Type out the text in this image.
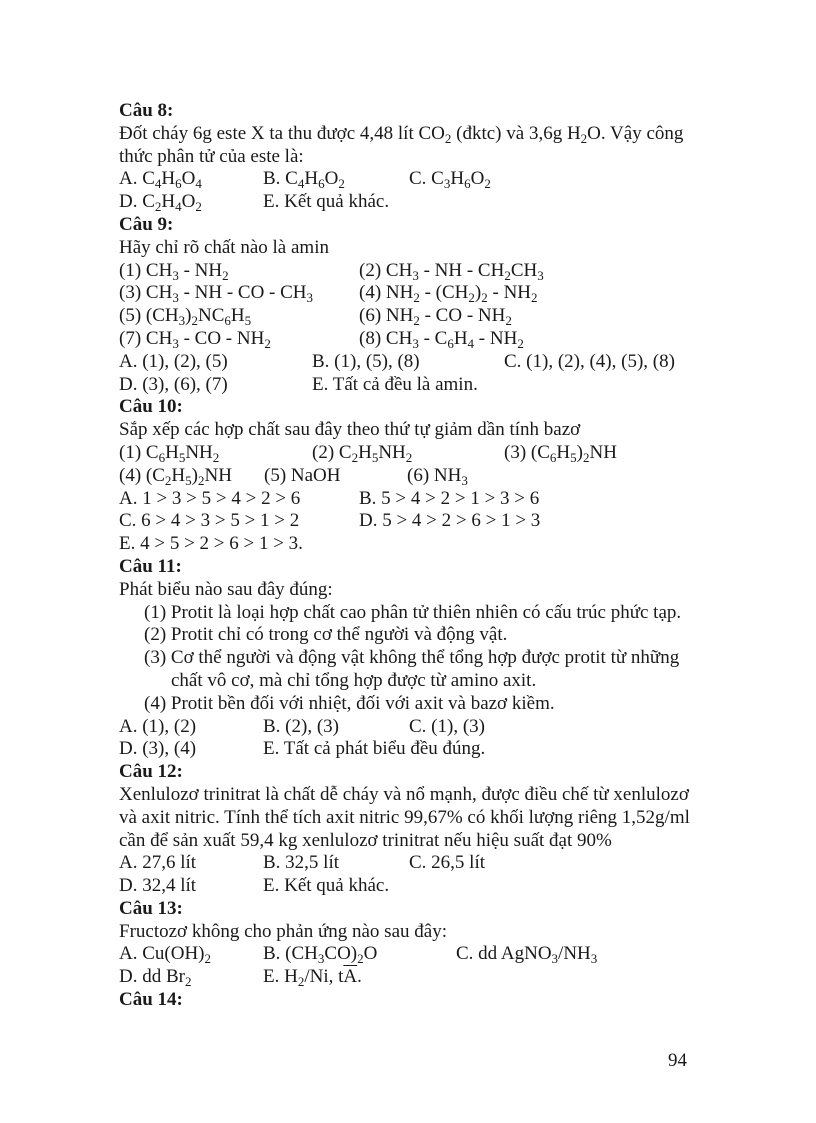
Câu 8:
Đốt cháy 6g este X ta thu được 4,48 lít $CO_2$ (đktc) và 3,6g $H_2O$. Vậy công
thức phân tử của este là:
A. $C_4H_6O_4$	B. $C_4H_6O_2$	C. $C_3H_6O_2$
D. $C_2H_4O_2$	E. Kết quả khác.
Câu 9:
Hãy chỉ rõ chất nào là amin
(1) $CH_3 - NH_2$	(2) $CH_3$ - NH - $CH_2CH_3$
(3) $CH_3$ - NH - CO - $CH_3$ (4) $NH_2 - (CH_2)_2 - NH_2$
(5) $(CH_3)_2NC_6H_5$	(6) $NH_2$ - CO - $NH_2$
(7) $CH_3$ - CO - $NH_2$	(8) $CH_3 - C_6H_4 - NH_2$
A. (1), (2), (5)	B. (1), (5), (8)	C. (1), (2), (4), (5), (8)
D. (3), (6), (7)	E. Tất cả đều là amin.
Câu 10:
Sắp xếp các hợp chất sau đây theo thứ tự giảm dần tính bazơ
(1) $C_6H_5NH_2$	(2) $C_2H_5NH_2$	(3) $(C_6H_5)_2NH$
(4) $(C_2H_5)_2NH$ (5) NaOH	(6) $NH_3$
A. 1 > 3 > 5 > 4 > 2 > 6	B. 5 > 4 > 2 > 1 > 3 > 6
C. 6 > 4 > 3 > 5 > 1 > 2	D. 5 > 4 > 2 > 6 > 1 > 3
E. 4 > 5 > 2 > 6 > 1 > 3.
Câu 11:
Phát biểu nào sau đây đúng:
(1) Protit là loại hợp chất cao phân tử thiên nhiên có cấu trúc phức tạp.
(2) Protit chỉ có trong cơ thể người và động vật.
(3) Cơ thể người và động vật không thể tổng hợp được protit từ những
chất vô cơ, mà chỉ tổng hợp được từ amino axit.
(4) Protit bền đối với nhiệt, đối với axit và bazơ kiềm.
A. (1), (2)	B. (2), (3)	C. (1), (3)
D. (3), (4)	E. Tất cả phát biểu đều đúng.
Câu 12:
Xenlulozơ trinitrat là chất dễ cháy và nổ mạnh, được điều chế từ xenlulozơ
và axit nitric. Tính thể tích axit nitric 99,67% có khối lượng riêng 1,52g/ml
cần để sản xuất 59,4 kg xenlulozơ trinitrat nếu hiệu suất đạt 90%
A. 27,6 lít	B. 32,5 lít	C. 26,5 lít
D. 32,4 lít	E. Kết quả khác.
Câu 13:
Fructozơ không cho phản ứng nào sau đây:
A. $Cu(OH)_2$	B. $(CH_3CO)_2O$	C. dd $AgNO_3/NH_3$
D. dd $Br_2$	E. $H_2/Ni$, $t\overline{A}$.
Câu 14:
94
